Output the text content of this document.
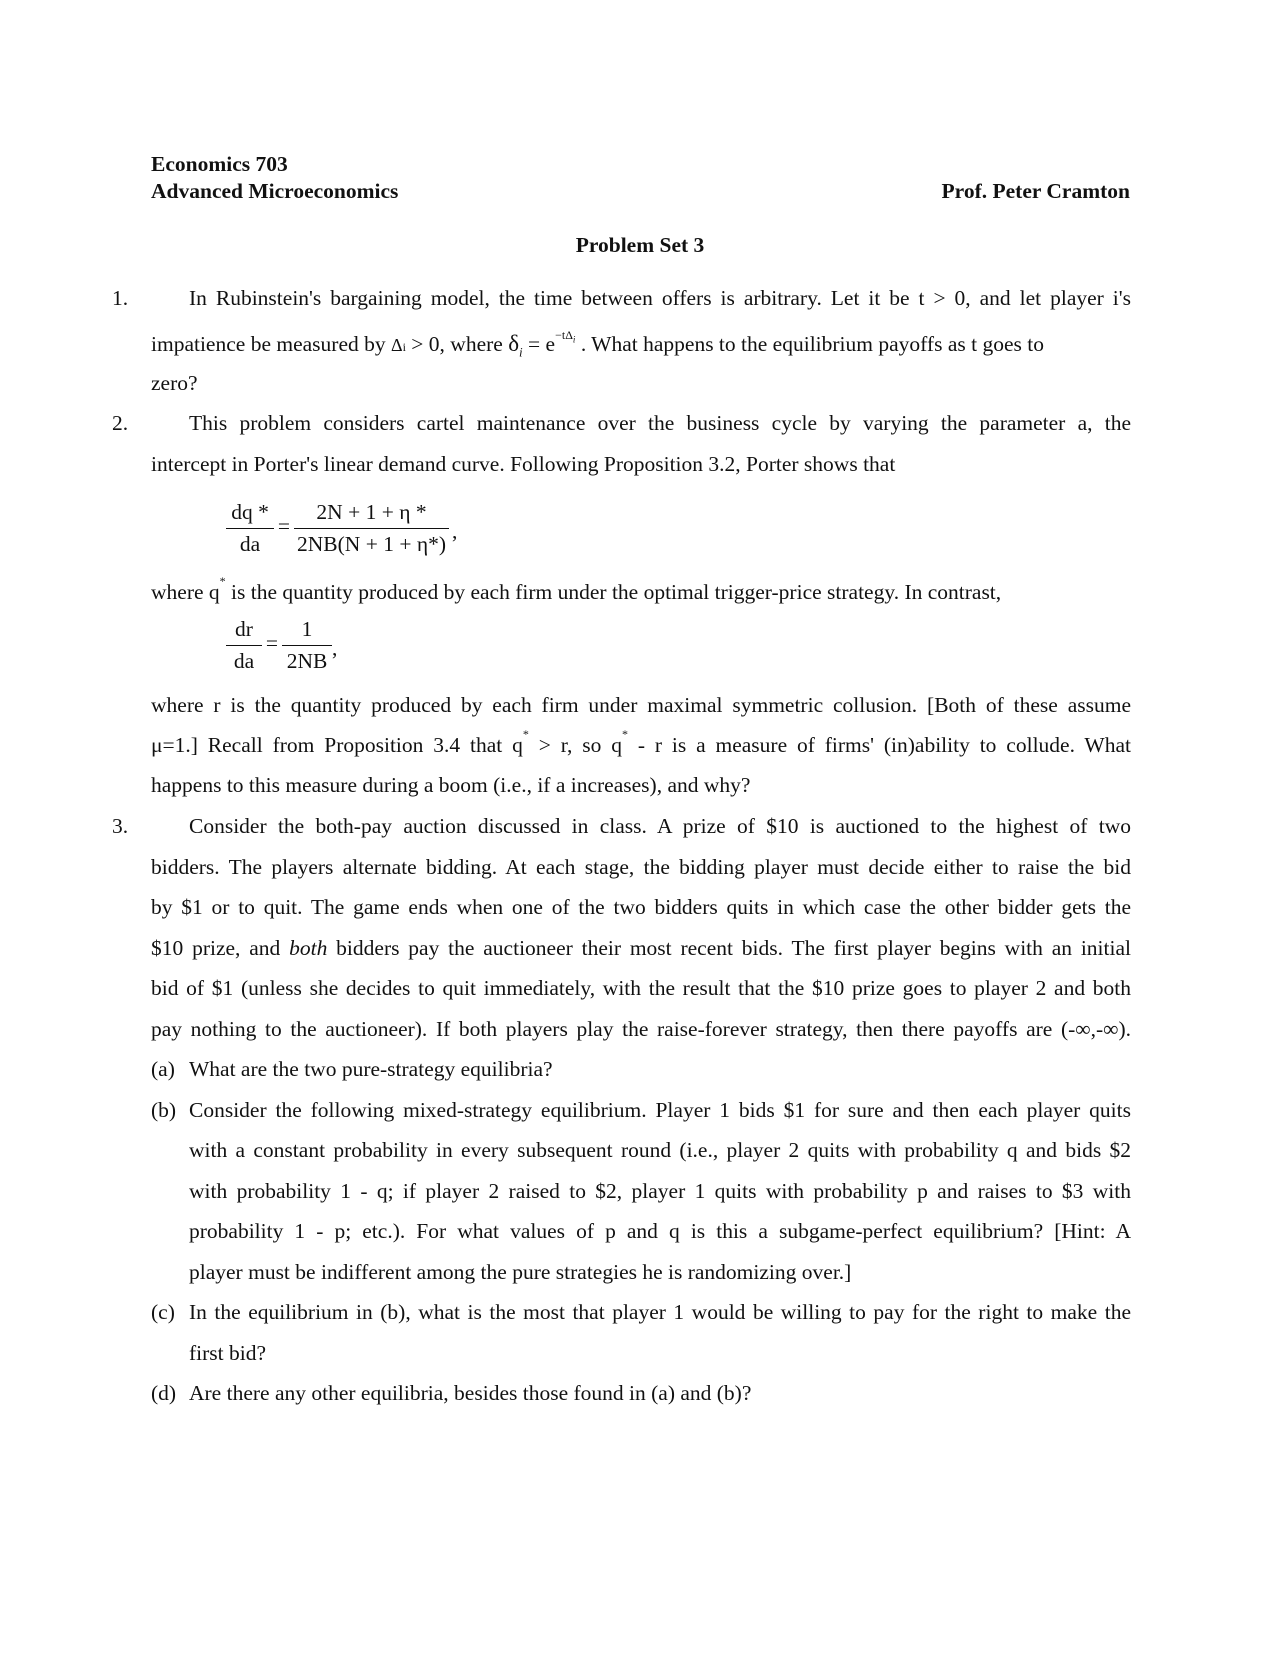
Economics 703
Advanced Microeconomics	Prof. Peter Cramton
Problem Set 3
1.	In Rubinstein's bargaining model, the time between offers is arbitrary. Let it be t > 0, and let player i's
impatience be measured by Δi > 0, where $\delta_i = e^{-t\Delta_i}$ . What happens to the equilibrium payoffs as t goes to
zero?
2.	This problem considers cartel maintenance over the business cycle by varying the parameter a, the
intercept in Porter's linear demand curve. Following Proposition 3.2, Porter shows that
dq *
da
=
2N + 1 + η *
2NB(N + 1 + η*)
,
where q* is the quantity produced by each firm under the optimal trigger-price strategy. In contrast,
dr
da
=
1
2NB
,
where r is the quantity produced by each firm under maximal symmetric collusion. [Both of these assume
μ=1.] Recall from Proposition 3.4 that q* > r, so q* - r is a measure of firms' (in)ability to collude. What
happens to this measure during a boom (i.e., if a increases), and why?
3.	Consider the both-pay auction discussed in class. A prize of $10 is auctioned to the highest of two
bidders. The players alternate bidding. At each stage, the bidding player must decide either to raise the bid
by $1 or to quit. The game ends when one of the two bidders quits in which case the other bidder gets the
$10 prize, and both bidders pay the auctioneer their most recent bids. The first player begins with an initial
bid of $1 (unless she decides to quit immediately, with the result that the $10 prize goes to player 2 and both
pay nothing to the auctioneer). If both players play the raise-forever strategy, then there payoffs are (-∞,-∞).
(a) What are the two pure-strategy equilibria?
(b) Consider the following mixed-strategy equilibrium. Player 1 bids $1 for sure and then each player quits
with a constant probability in every subsequent round (i.e., player 2 quits with probability q and bids $2
with probability 1 - q; if player 2 raised to $2, player 1 quits with probability p and raises to $3 with
probability 1 - p; etc.). For what values of p and q is this a subgame-perfect equilibrium? [Hint: A
player must be indifferent among the pure strategies he is randomizing over.]
(c) In the equilibrium in (b), what is the most that player 1 would be willing to pay for the right to make the
first bid?
(d) Are there any other equilibria, besides those found in (a) and (b)?
